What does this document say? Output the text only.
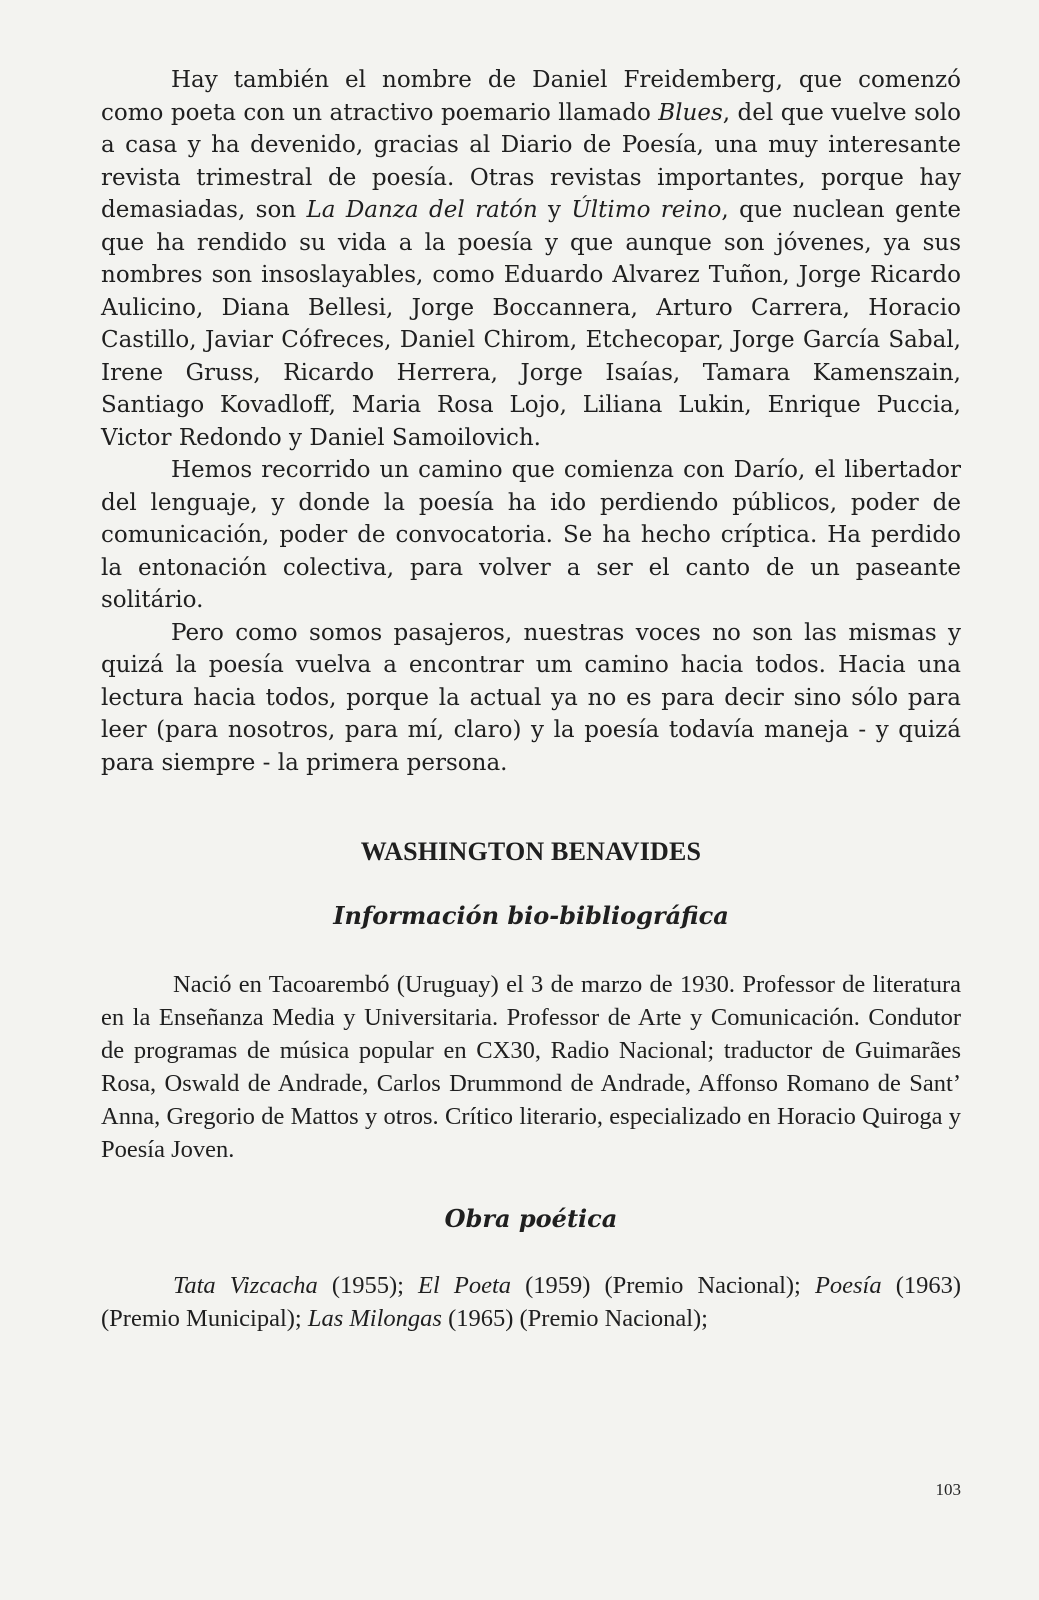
Hay también el nombre de Daniel Freidemberg, que comenzó como poeta con un atractivo poemario llamado Blues, del que vuelve solo a casa y ha devenido, gracias al Diario de Poesía, una muy interesante revista trimestral de poesía. Otras revistas importantes, porque hay demasiadas, son La Danza del ratón y Último reino, que nuclean gente que ha rendido su vida a la poesía y que aunque son jóvenes, ya sus nombres son insoslayables, como Eduardo Alvarez Tuñon, Jorge Ricardo Aulicino, Diana Bellesi, Jorge Boccannera, Arturo Carrera, Horacio Castillo, Javiar Cófreces, Daniel Chirom, Etchecopar, Jorge García Sabal, Irene Gruss, Ricardo Herrera, Jorge Isaías, Tamara Kamenszain, Santiago Kovadloff, Maria Rosa Lojo, Liliana Lukin, Enrique Puccia, Victor Redondo y Daniel Samoilovich.

Hemos recorrido un camino que comienza con Darío, el libertador del lenguaje, y donde la poesía ha ido perdiendo públicos, poder de comunicación, poder de convocatoria. Se ha hecho críptica. Ha perdido la entonación colectiva, para volver a ser el canto de un paseante solitário.

Pero como somos pasajeros, nuestras voces no son las mismas y quizá la poesía vuelva a encontrar um camino hacia todos. Hacia una lectura hacia todos, porque la actual ya no es para decir sino sólo para leer (para nosotros, para mí, claro) y la poesía todavía maneja - y quizá para siempre - la primera persona.

WASHINGTON BENAVIDES
Información bio-bibliográfica

Nació en Tacoarembó (Uruguay) el 3 de marzo de 1930. Professor de literatura en la Enseñanza Media y Universitaria. Professor de Arte y Comunicación. Condutor de programas de música popular en CX30, Radio Nacional; traductor de Guimarães Rosa, Oswald de Andrade, Carlos Drummond de Andrade, Affonso Romano de Sant’ Anna, Gregorio de Mattos y otros. Crítico literario, especializado en Horacio Quiroga y Poesía Joven.

Obra poética

Tata Vizcacha (1955); El Poeta (1959) (Premio Nacional); Poesía (1963)(Premio Municipal); Las Milongas (1965) (Premio Nacional);

103
